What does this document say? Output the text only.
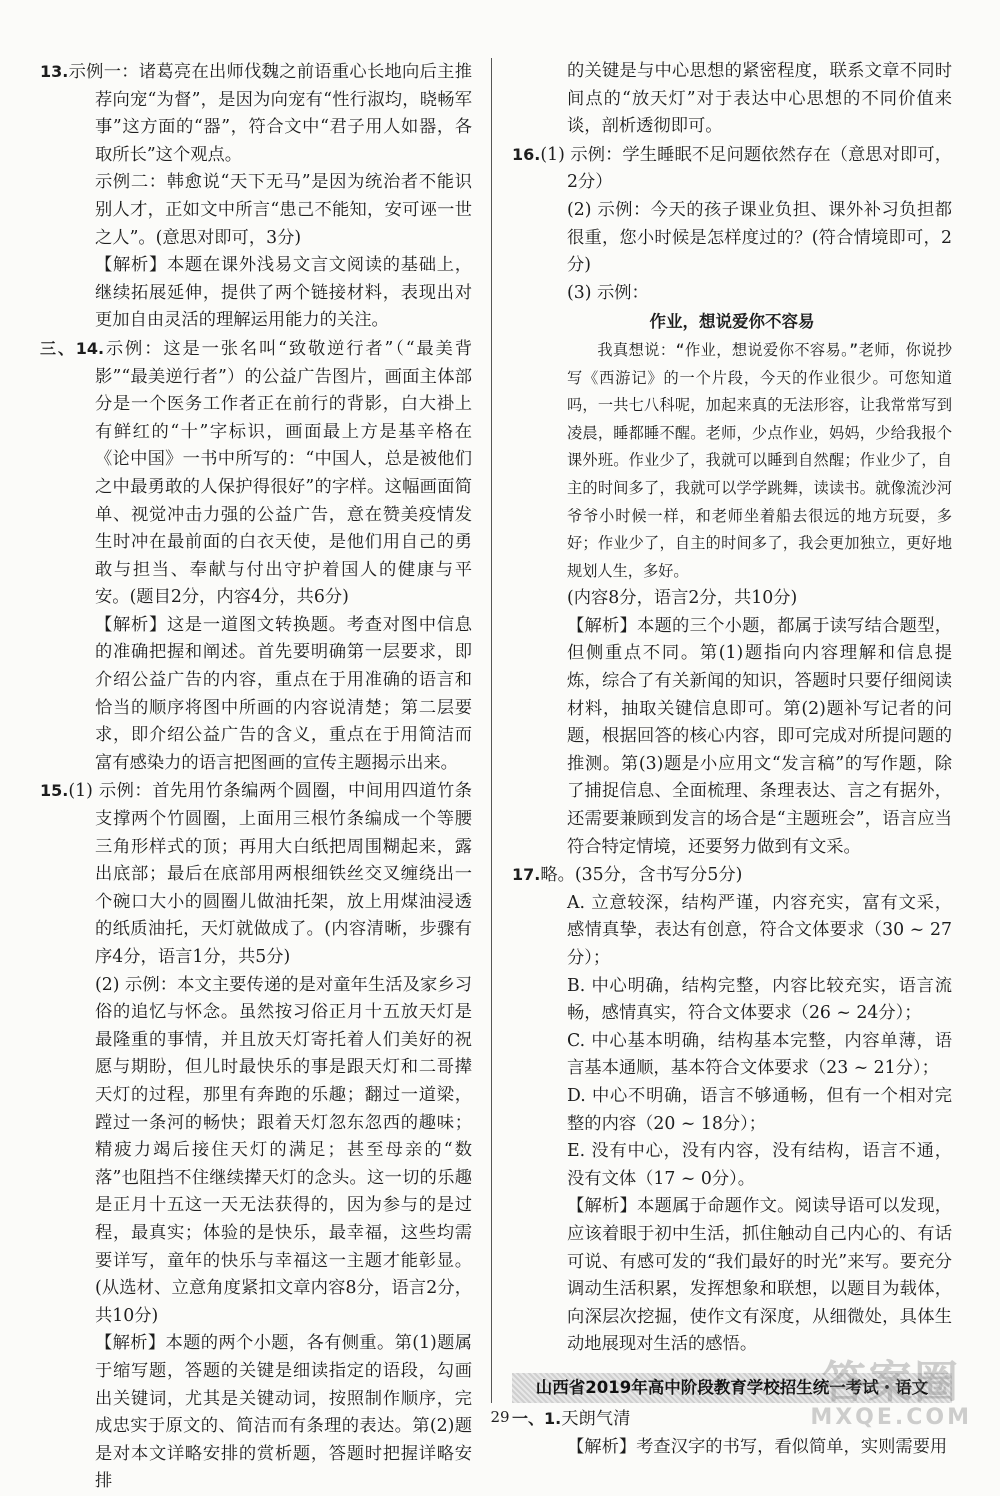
13.示例一：诸葛亮在出师伐魏之前语重心长地向后主推荐向宠“为督”，是因为向宠有“性行淑均，晓畅军事”这方面的“器”，符合文中“君子用人如器，各取所长”这个观点。

示例二：韩愈说“天下无马”是因为统治者不能识别人才，正如文中所言“患己不能知，安可诬一世之人”。(意思对即可，3分)

【解析】本题在课外浅易文言文阅读的基础上，继续拓展延伸，提供了两个链接材料，表现出对更加自由灵活的理解运用能力的关注。

三、14.示例：这是一张名叫“致敬逆行者”（“最美背影”“最美逆行者”）的公益广告图片，画面主体部分是一个医务工作者正在前行的背影，白大褂上有鲜红的“十”字标识，画面最上方是基辛格在《论中国》一书中所写的：“中国人，总是被他们之中最勇敢的人保护得很好”的字样。这幅画面简单、视觉冲击力强的公益广告，意在赞美疫情发生时冲在最前面的白衣天使，是他们用自己的勇敢与担当、奉献与付出守护着国人的健康与平安。(题目2分，内容4分，共6分)

【解析】这是一道图文转换题。考查对图中信息的准确把握和阐述。首先要明确第一层要求，即介绍公益广告的内容，重点在于用准确的语言和恰当的顺序将图中所画的内容说清楚；第二层要求，即介绍公益广告的含义，重点在于用简洁而富有感染力的语言把图画的宣传主题揭示出来。

15.(1) 示例：首先用竹条编两个圆圈，中间用四道竹条支撑两个竹圆圈，上面用三根竹条编成一个等腰三角形样式的顶；再用大白纸把周围糊起来，露出底部；最后在底部用两根细铁丝交叉缠绕出一个碗口大小的圆圈儿做油托架，放上用煤油浸透的纸质油托，天灯就做成了。(内容清晰，步骤有序4分，语言1分，共5分)

(2) 示例：本文主要传递的是对童年生活及家乡习俗的追忆与怀念。虽然按习俗正月十五放天灯是最隆重的事情，并且放天灯寄托着人们美好的祝愿与期盼，但儿时最快乐的事是跟天灯和二哥撵天灯的过程，那里有奔跑的乐趣；翻过一道梁，蹚过一条河的畅快；跟着天灯忽东忽西的趣味；精疲力竭后接住天灯的满足；甚至母亲的“数落”也阻挡不住继续撵天灯的念头。这一切的乐趣是正月十五这一天无法获得的，因为参与的是过程，最真实；体验的是快乐，最幸福，这些均需要详写，童年的快乐与幸福这一主题才能彰显。(从选材、立意角度紧扣文章内容8分，语言2分，共10分)

【解析】本题的两个小题，各有侧重。第(1)题属于缩写题，答题的关键是细读指定的语段，勾画出关键词，尤其是关键动词，按照制作顺序，完成忠实于原文的、简洁而有条理的表达。第(2)题是对本文详略安排的赏析题，答题时把握详略安排

的关键是与中心思想的紧密程度，联系文章不同时间点的“放天灯”对于表达中心思想的不同价值来谈，剖析透彻即可。

16.(1) 示例：学生睡眠不足问题依然存在（意思对即可，2分）

(2) 示例：今天的孩子课业负担、课外补习负担都很重，您小时候是怎样度过的？(符合情境即可，2分)

(3) 示例：

作业，想说爱你不容易
我真想说：“作业，想说爱你不容易。”老师，你说抄写《西游记》的一个片段，今天的作业很少。可您知道吗，一共七八科呢，加起来真的无法形容，让我常常写到凌晨，睡都睡不醒。老师，少点作业，妈妈，少给我报个课外班。作业少了，我就可以睡到自然醒；作业少了，自主的时间多了，我就可以学学跳舞，读读书。就像流沙河爷爷小时候一样，和老师坐着船去很远的地方玩耍，多好；作业少了，自主的时间多了，我会更加独立，更好地规划人生，多好。

(内容8分，语言2分，共10分)

【解析】本题的三个小题，都属于读写结合题型，但侧重点不同。第(1)题指向内容理解和信息提炼，综合了有关新闻的知识，答题时只要仔细阅读材料，抽取关键信息即可。第(2)题补写记者的问题，根据回答的核心内容，即可完成对所提问题的推测。第(3)题是小应用文“发言稿”的写作题，除了捕捉信息、全面梳理、条理表达、言之有据外，还需要兼顾到发言的场合是“主题班会”，语言应当符合特定情境，还要努力做到有文采。

17.略。(35分，含书写分5分)

A. 立意较深，结构严谨，内容充实，富有文采，感情真挚，表达有创意，符合文体要求（30 ~ 27分）；

B. 中心明确，结构完整，内容比较充实，语言流畅，感情真实，符合文体要求（26 ~ 24分）；

C. 中心基本明确，结构基本完整，内容单薄，语言基本通顺，基本符合文体要求（23 ~ 21分）；

D. 中心不明确，语言不够通畅，但有一个相对完整的内容（20 ~ 18分）；

E. 没有中心，没有内容，没有结构，语言不通，没有文体（17 ~ 0分）。

【解析】本题属于命题作文。阅读导语可以发现，应该着眼于初中生活，抓住触动自己内心的、有话可说、有感可发的“我们最好的时光”来写。要充分调动生活积累，发挥想象和联想，以题目为载体，向深层次挖掘，使作文有深度，从细微处，具体生动地展现对生活的感悟。

山西省2019年高中阶段教育学校招生统一考试・语文

一、1.天朗气清

【解析】考查汉字的书写，看似简单，实则需要用

29
答案圈
MXQE.COM
